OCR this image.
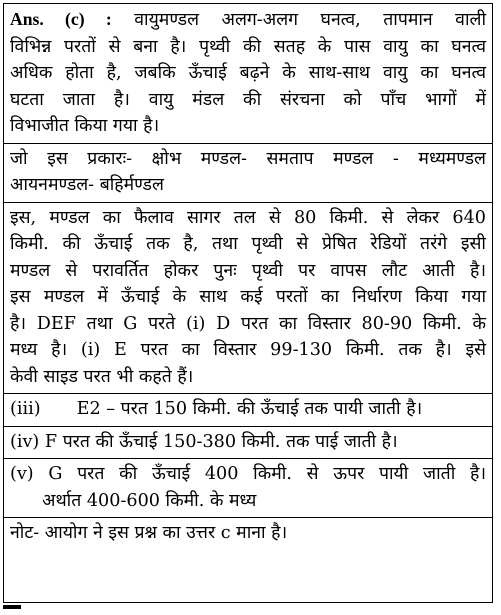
Ans. (c) : वायुमण्डल अलग-अलग घनत्व, तापमान वाली
विभिन्न परतों से बना है। पृथ्वी की सतह के पास वायु का घनत्व
अधिक होता है, जबकि ऊँचाई बढ़ने के साथ-साथ वायु का घनत्व
घटता जाता है। वायु मंडल की संरचना को पाँच भागों में
विभाजीत किया गया है।
जो इस प्रकारः- क्षोभ मण्डल- समताप मण्डल - मध्यमण्डल
आयनमण्डल- बहिर्मण्डल
इस, मण्डल का फैलाव सागर तल से 80 किमी. से लेकर 640
किमी. की ऊँचाई तक है, तथा पृथ्वी से प्रेषित रेडियों तरंगे इसी
मण्डल से परावर्तित होकर पुनः पृथ्वी पर वापस लौट आती है।
इस मण्डल में ऊँचाई के साथ कई परतों का निर्धारण किया गया
है। DEF तथा G परते (i) D परत का विस्तार 80-90 किमी. के
मध्य है। (i) E परत का विस्तार 99-130 किमी. तक है। इसे
केवी साइड परत भी कहते हैं।
(iii) E2 – परत 150 किमी. की ऊँचाई तक पायी जाती है।
(iv) F परत की ऊँचाई 150-380 किमी. तक पाई जाती है।
(v) G परत की ऊँचाई 400 किमी. से ऊपर पायी जाती है।
अर्थात 400-600 किमी. के मध्य
नोट- आयोग ने इस प्रश्न का उत्तर c माना है।
